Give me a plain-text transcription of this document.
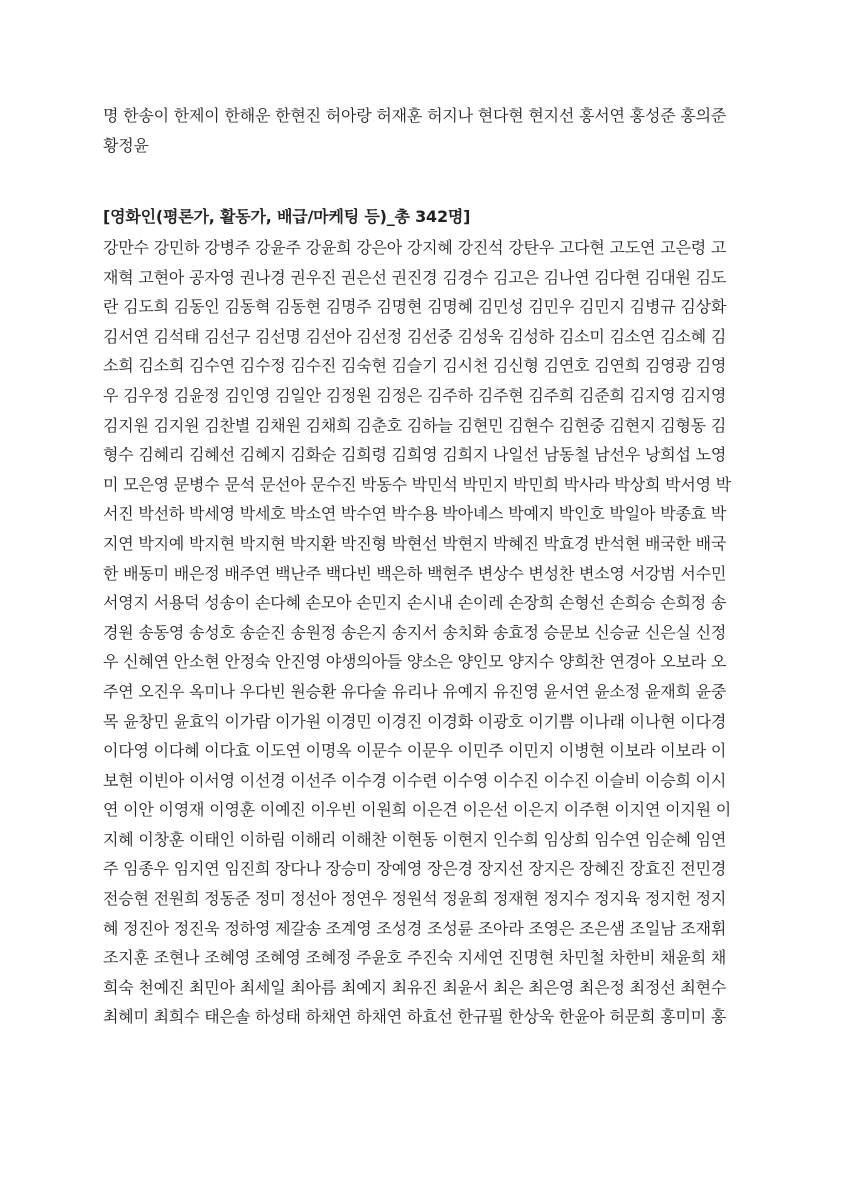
명 한송이 한제이 한해운 한현진 허아랑 허재훈 허지나 현다현 현지선 홍서연 홍성준 홍의준
황정윤
[영화인(평론가, 활동가, 배급/마케팅 등)_총 342명]
강만수 강민하 강병주 강윤주 강윤희 강은아 강지혜 강진석 강탄우 고다현 고도연 고은령 고
재혁 고현아 공자영 권나경 권우진 권은선 권진경 김경수 김고은 김나연 김다현 김대원 김도
란 김도희 김동인 김동혁 김동현 김명주 김명현 김명혜 김민성 김민우 김민지 김병규 김상화
김서연 김석태 김선구 김선명 김선아 김선정 김선중 김성욱 김성하 김소미 김소연 김소혜 김
소희 김소희 김수연 김수정 김수진 김숙현 김슬기 김시천 김신형 김연호 김연희 김영광 김영
우 김우정 김윤정 김인영 김일안 김정원 김정은 김주하 김주현 김주희 김준희 김지영 김지영
김지원 김지원 김찬별 김채원 김채희 김춘호 김하늘 김현민 김현수 김현중 김현지 김형동 김
형수 김혜리 김혜선 김혜지 김화순 김희령 김희영 김희지 나일선 남동철 남선우 낭희섭 노영
미 모은영 문병수 문석 문선아 문수진 박동수 박민석 박민지 박민희 박사라 박상희 박서영 박
서진 박선하 박세영 박세호 박소연 박수연 박수용 박아녜스 박예지 박인호 박일아 박종효 박
지연 박지예 박지현 박지현 박지환 박진형 박현선 박현지 박혜진 박효경 반석현 배국한 배국
한 배동미 배은정 배주연 백난주 백다빈 백은하 백현주 변상수 변성찬 변소영 서강범 서수민
서영지 서용덕 성송이 손다혜 손모아 손민지 손시내 손이레 손장희 손형선 손희승 손희정 송
경원 송동영 송성호 송순진 송원정 송은지 송지서 송치화 송효정 승문보 신승균 신은실 신정
우 신혜연 안소현 안정숙 안진영 야생의아들 양소은 양인모 양지수 양희찬 연경아 오보라 오
주연 오진우 옥미나 우다빈 원승환 유다술 유리나 유예지 유진영 윤서연 윤소정 윤재희 윤중
목 윤창민 윤효익 이가람 이가원 이경민 이경진 이경화 이광호 이기쁨 이나래 이나현 이다경
이다영 이다혜 이다효 이도연 이명옥 이문수 이문우 이민주 이민지 이병현 이보라 이보라 이
보현 이빈아 이서영 이선경 이선주 이수경 이수련 이수영 이수진 이수진 이슬비 이승희 이시
연 이안 이영재 이영훈 이예진 이우빈 이원희 이은견 이은선 이은지 이주현 이지연 이지원 이
지혜 이창훈 이태인 이하림 이해리 이해찬 이현동 이현지 인수희 임상희 임수연 임순혜 임연
주 임종우 임지연 임진희 장다나 장승미 장예영 장은경 장지선 장지은 장혜진 장효진 전민경
전승현 전원희 정동준 정미 정선아 정연우 정원석 정윤희 정재현 정지수 정지육 정지헌 정지
혜 정진아 정진욱 정하영 제갈송 조계영 조성경 조성륜 조아라 조영은 조은샘 조일남 조재휘
조지훈 조현나 조혜영 조혜영 조혜정 주윤호 주진숙 지세연 진명현 차민철 차한비 채윤희 채
희숙 천예진 최민아 최세일 최아름 최예지 최유진 최윤서 최은 최은영 최은정 최정선 최현수
최혜미 최희수 태은솔 하성태 하채연 하채연 하효선 한규필 한상욱 한윤아 허문희 홍미미 홍
